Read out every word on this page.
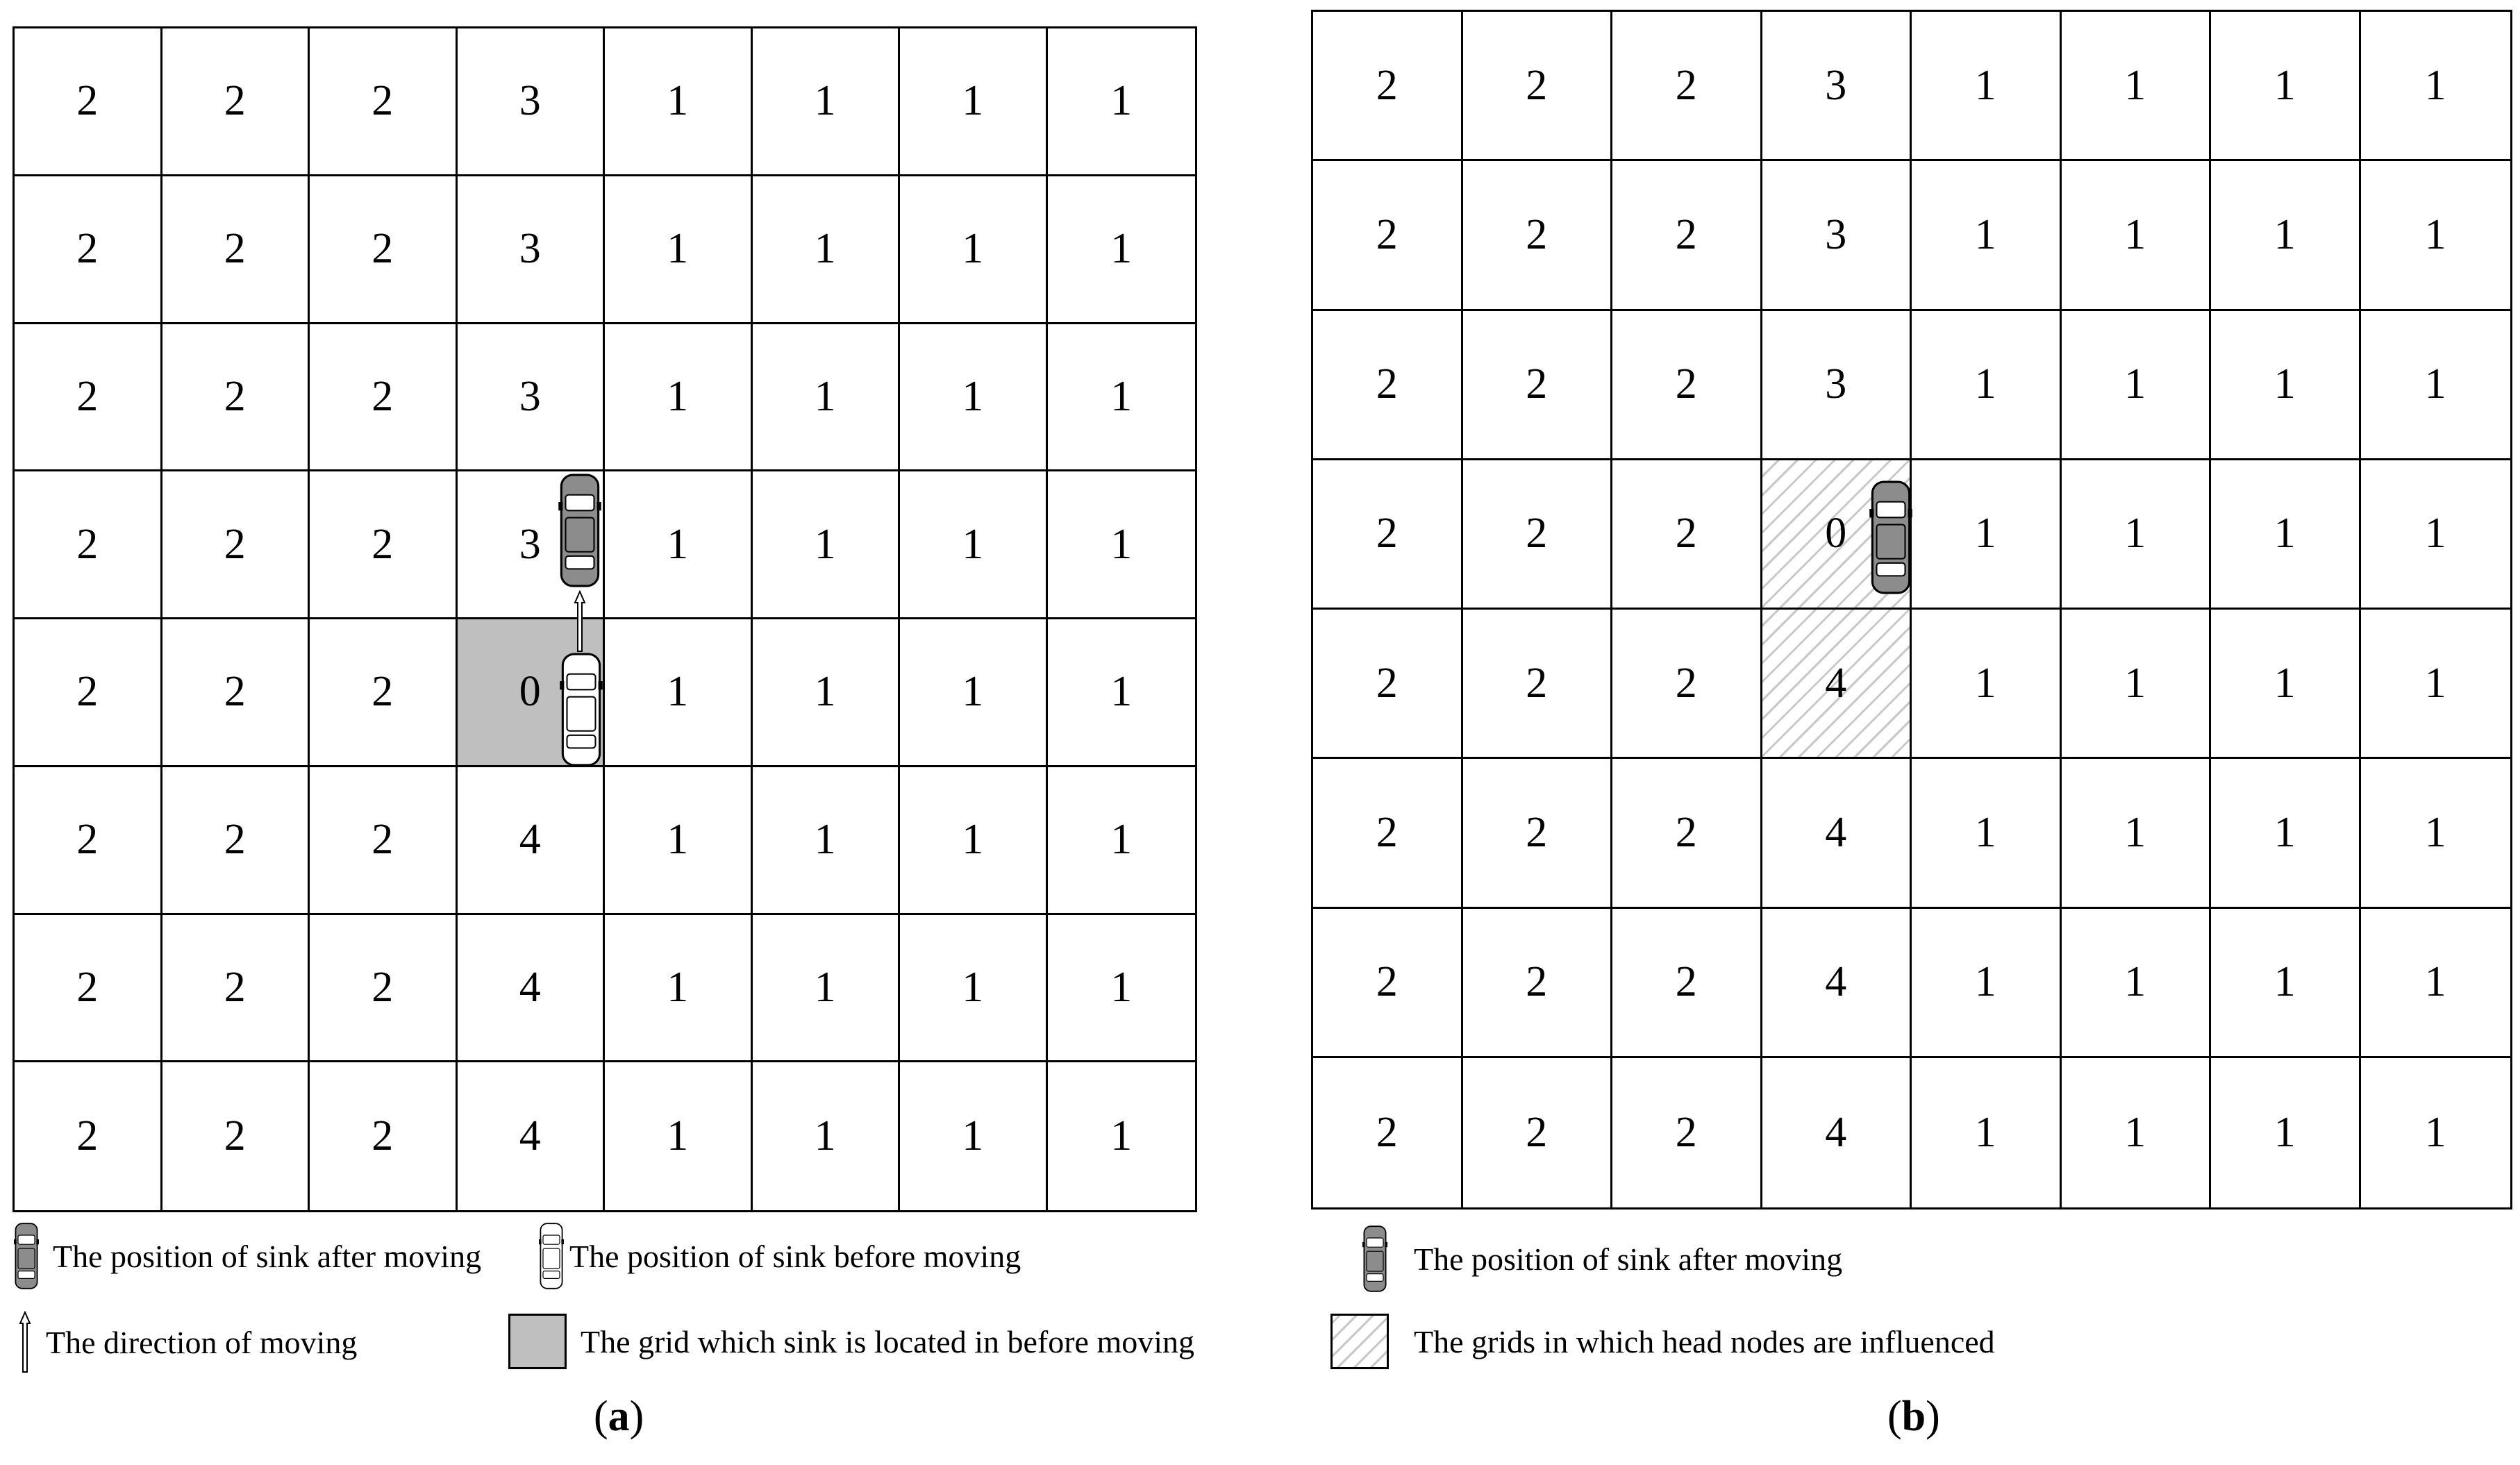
2	2	2	3	1	1	1	1
2	2	2	3	1	1	1	1
2	2	2	3	1	1	1	1
2	2	2	3	1	1	1	1
2	2	2	0	1	1	1	1
2	2	2	4	1	1	1	1
2	2	2	4	1	1	1	1
2	2	2	4	1	1	1	1
The position of sink after moving	The position of sink before moving
The direction of moving	The grid which sink is located in before moving
(a)
2	2	2	3	1	1	1	1
2	2	2	3	1	1	1	1
2	2	2	3	1	1	1	1
2	2	2	0	1	1	1	1
2	2	2	4	1	1	1	1
2	2	2	4	1	1	1	1
2	2	2	4	1	1	1	1
2	2	2	4	1	1	1	1
The position of sink after moving
The grids in which head nodes are influenced
(b)
